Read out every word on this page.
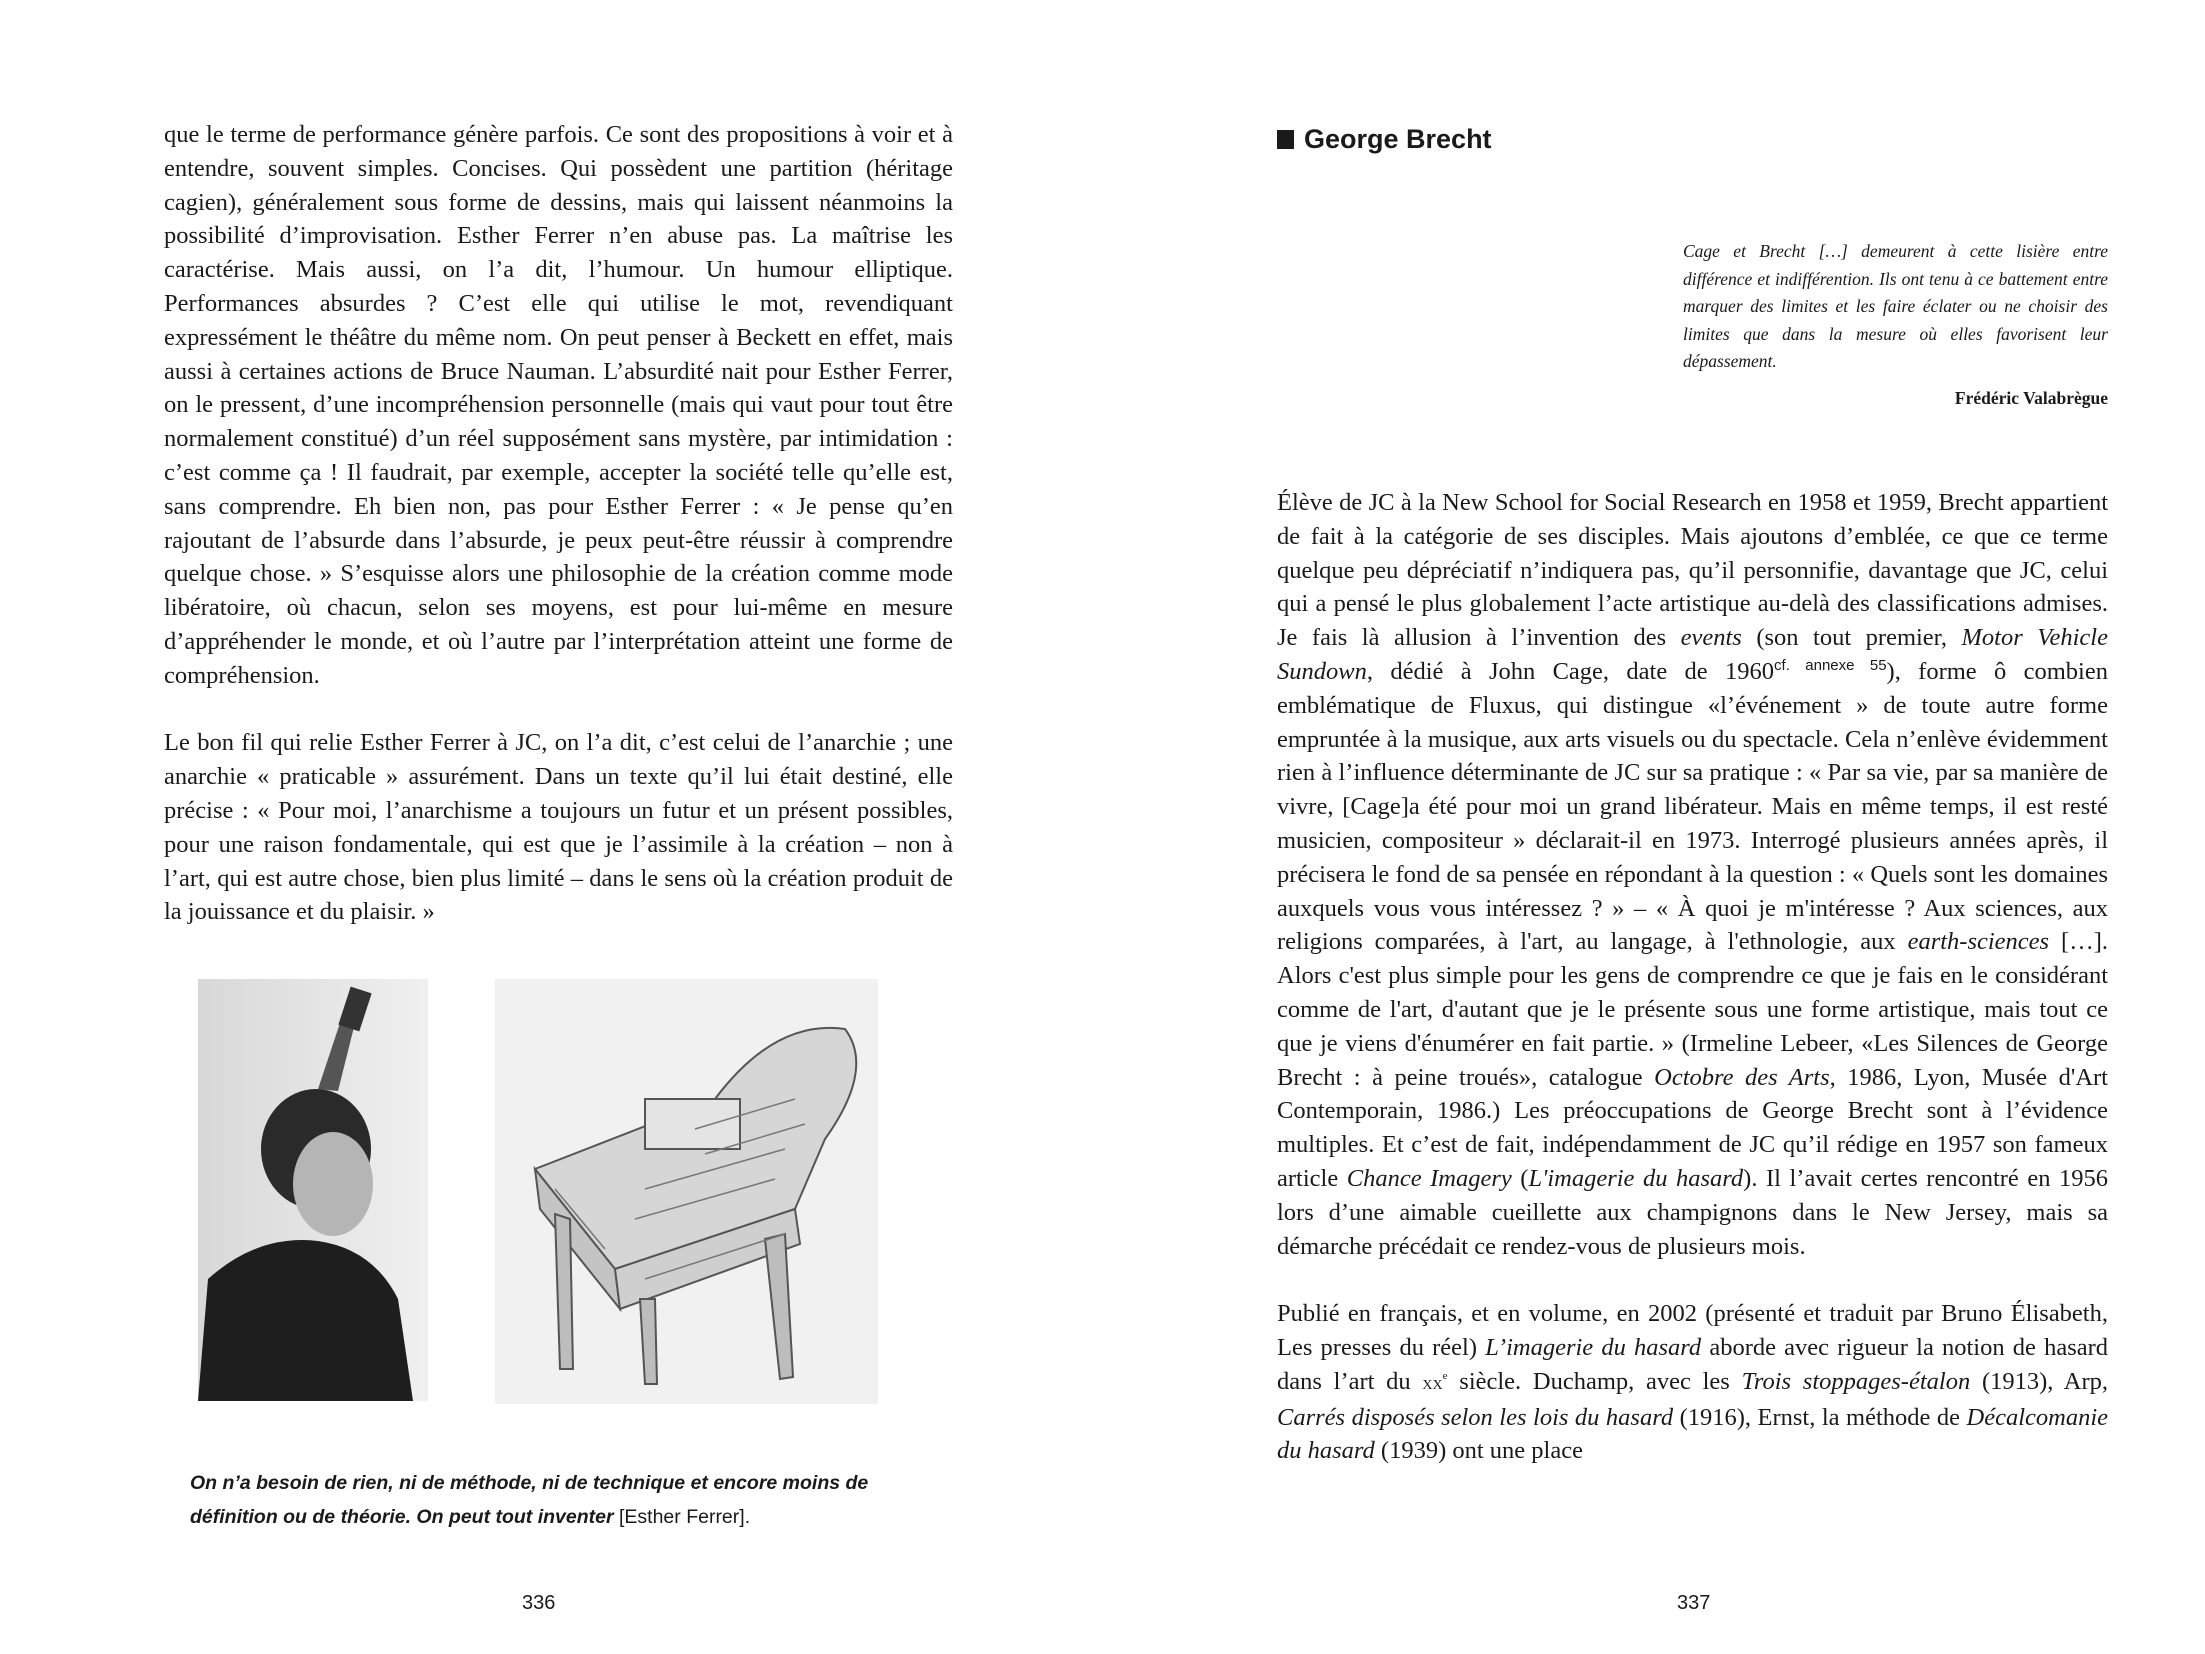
que le terme de performance génère parfois. Ce sont des propositions à voir et à entendre, souvent simples. Concises. Qui possèdent une partition (héritage cagien), généralement sous forme de dessins, mais qui laissent néanmoins la possibilité d’improvisation. Esther Ferrer n’en abuse pas. La maîtrise les caractérise. Mais aussi, on l’a dit, l’humour. Un humour elliptique. Performances absurdes ? C’est elle qui utilise le mot, revendiquant expressément le théâtre du même nom. On peut penser à Beckett en effet, mais aussi à certaines actions de Bruce Nauman. L’absurdité nait pour Esther Ferrer, on le pressent, d’une incompréhension personnelle (mais qui vaut pour tout être normalement constitué) d’un réel supposément sans mystère, par intimidation : c’est comme ça ! Il faudrait, par exemple, accepter la société telle qu’elle est, sans comprendre. Eh bien non, pas pour Esther Ferrer : « Je pense qu’en rajoutant de l’absurde dans l’absurde, je peux peut-être réussir à comprendre quelque chose. » S’esquisse alors une philosophie de la création comme mode libératoire, où chacun, selon ses moyens, est pour lui-même en mesure d’appréhender le monde, et où l’autre par l’interprétation atteint une forme de compréhension.

Le bon fil qui relie Esther Ferrer à JC, on l’a dit, c’est celui de l’anarchie ; une anarchie « praticable » assurément. Dans un texte qu’il lui était destiné, elle précise : « Pour moi, l’anarchisme a toujours un futur et un présent possibles, pour une raison fondamentale, qui est que je l’assimile à la création – non à l’art, qui est autre chose, bien plus limité – dans le sens où la création produit de la jouissance et du plaisir. »

On n’a besoin de rien, ni de méthode, ni de technique et encore moins de définition ou de théorie. On peut tout inventer [Esther Ferrer].
336
George Brecht
Cage et Brecht […] demeurent à cette lisière entre différence et indifférention. Ils ont tenu à ce battement entre marquer des limites et les faire éclater ou ne choisir des limites que dans la mesure où elles favorisent leur dépassement.
Frédéric Valabrègue

Élève de JC à la New School for Social Research en 1958 et 1959, Brecht appartient de fait à la catégorie de ses disciples. Mais ajoutons d’emblée, ce que ce terme quelque peu dépréciatif n’indiquera pas, qu’il personnifie, davantage que JC, celui qui a pensé le plus globalement l’acte artistique au-delà des classifications admises. Je fais là allusion à l’invention des events (son tout premier, Motor Vehicle Sundown, dédié à John Cage, date de 1960$^{cf. annexe 55}$), forme ô combien emblématique de Fluxus, qui distingue «l’événement » de toute autre forme empruntée à la musique, aux arts visuels ou du spectacle. Cela n’enlève évidemment rien à l’influence déterminante de JC sur sa pratique : « Par sa vie, par sa manière de vivre, [Cage]a été pour moi un grand libérateur. Mais en même temps, il est resté musicien, compositeur » déclarait-il en 1973. Interrogé plusieurs années après, il précisera le fond de sa pensée en répondant à la question : « Quels sont les domaines auxquels vous vous intéressez ? » – « À quoi je m'intéresse ? Aux sciences, aux religions comparées, à l'art, au langage, à l'ethnologie, aux earth-sciences […]. Alors c'est plus simple pour les gens de comprendre ce que je fais en le considérant comme de l'art, d'autant que je le présente sous une forme artistique, mais tout ce que je viens d'énumérer en fait partie. » (Irmeline Lebeer, «Les Silences de George Brecht : à peine troués», catalogue Octobre des Arts, 1986, Lyon, Musée d'Art Contemporain, 1986.) Les préoccupations de George Brecht sont à l’évidence multiples. Et c’est de fait, indépendamment de JC qu’il rédige en 1957 son fameux article Chance Imagery (L'imagerie du hasard). Il l’avait certes rencontré en 1956 lors d’une aimable cueillette aux champignons dans le New Jersey, mais sa démarche précédait ce rendez-vous de plusieurs mois.

Publié en français, et en volume, en 2002 (présenté et traduit par Bruno Élisabeth, Les presses du réel) L’imagerie du hasard aborde avec rigueur la notion de hasard dans l’art du $xx^e$ siècle. Duchamp, avec les Trois stoppages-étalon (1913), Arp, Carrés disposés selon les lois du hasard (1916), Ernst, la méthode de Décalcomanie du hasard (1939) ont une place

337
